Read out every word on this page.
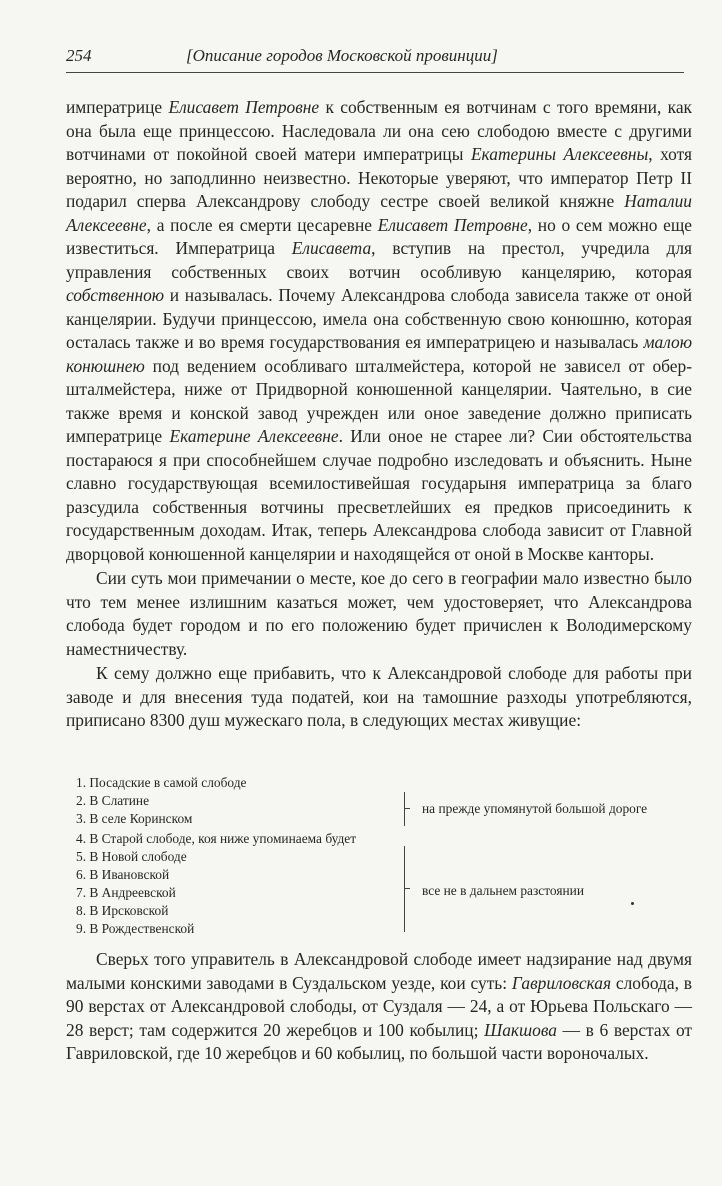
254	[Описание городов Московской провинции]

императрице Елисавет Петровне к собственным ея вотчинам с того времяни, как она была еще принцессою. Наследовала ли она сею слободою вместе с другими вотчинами от покойной своей матери императрицы Екатерины Алексеевны, хотя вероятно, но заподлинно неизвестно. Некоторые уверяют, что император Петр II подарил сперва Александрову слободу сестре своей великой княжне Наталии Алексеевне, а после ея смерти цесаревне Елисавет Петровне, но о сем можно еще известиться. Императрица Елисавета, вступив на престол, учредила для управления собственных своих вотчин особливую канцелярию, которая собственною и называлась. Почему Александрова слобода зависела также от оной канцелярии. Будучи принцессою, имела она собственную свою конюшню, которая осталась также и во время государствования ея императрицею и называлась малою конюшнею под ведением особливаго шталмейстера, которой не зависел от обер-шталмейстера, ниже от Придворной конюшенной канцелярии. Чаятельно, в сие также время и конской завод учрежден или оное заведение должно приписать императрице Екатерине Алексеевне. Или оное не старее ли? Сии обстоятельства постараюся я при способнейшем случае подробно изследовать и объяснить. Ныне славно государствующая всемилостивейшая государыня императрица за благо разсудила собственныя вотчины пресветлейших ея предков присоединить к государственным доходам. Итак, теперь Александрова слобода зависит от Главной дворцовой конюшенной канцелярии и находящейся от оной в Москве канторы.

Сии суть мои примечании о месте, кое до сего в географии мало известно было что тем менее излишним казаться может, чем удостоверяет, что Александрова слобода будет городом и по его положению будет причислен к Володимерскому наместничеству.

К сему должно еще прибавить, что к Александровой слободе для работы при заводе и для внесения туда податей, кои на тамошние разходы употребляются, приписано 8300 душ мужескаго пола, в следующих местах живущие:

1. Посадские в самой слободе
2. В Слатине
3. В селе Коринском
4. В Старой слободе, коя ниже упоминаема будет
5. В Новой слободе
6. В Ивановской
7. В Андреевской
8. В Ирсковской
9. В Рождественской
на прежде упомянутой большой дороге
все не в дальнем разстоянии

Сверьх того управитель в Александровой слободе имеет надзирание над двумя малыми конскими заводами в Суздальском уезде, кои суть: Гавриловская слобода, в 90 верстах от Александровой слободы, от Суздаля — 24, а от Юрьева Польскаго — 28 верст; там содержится 20 жеребцов и 100 кобылиц; Шакшова — в 6 верстах от Гавриловской, где 10 жеребцов и 60 кобылиц, по большой части вороночалых.
